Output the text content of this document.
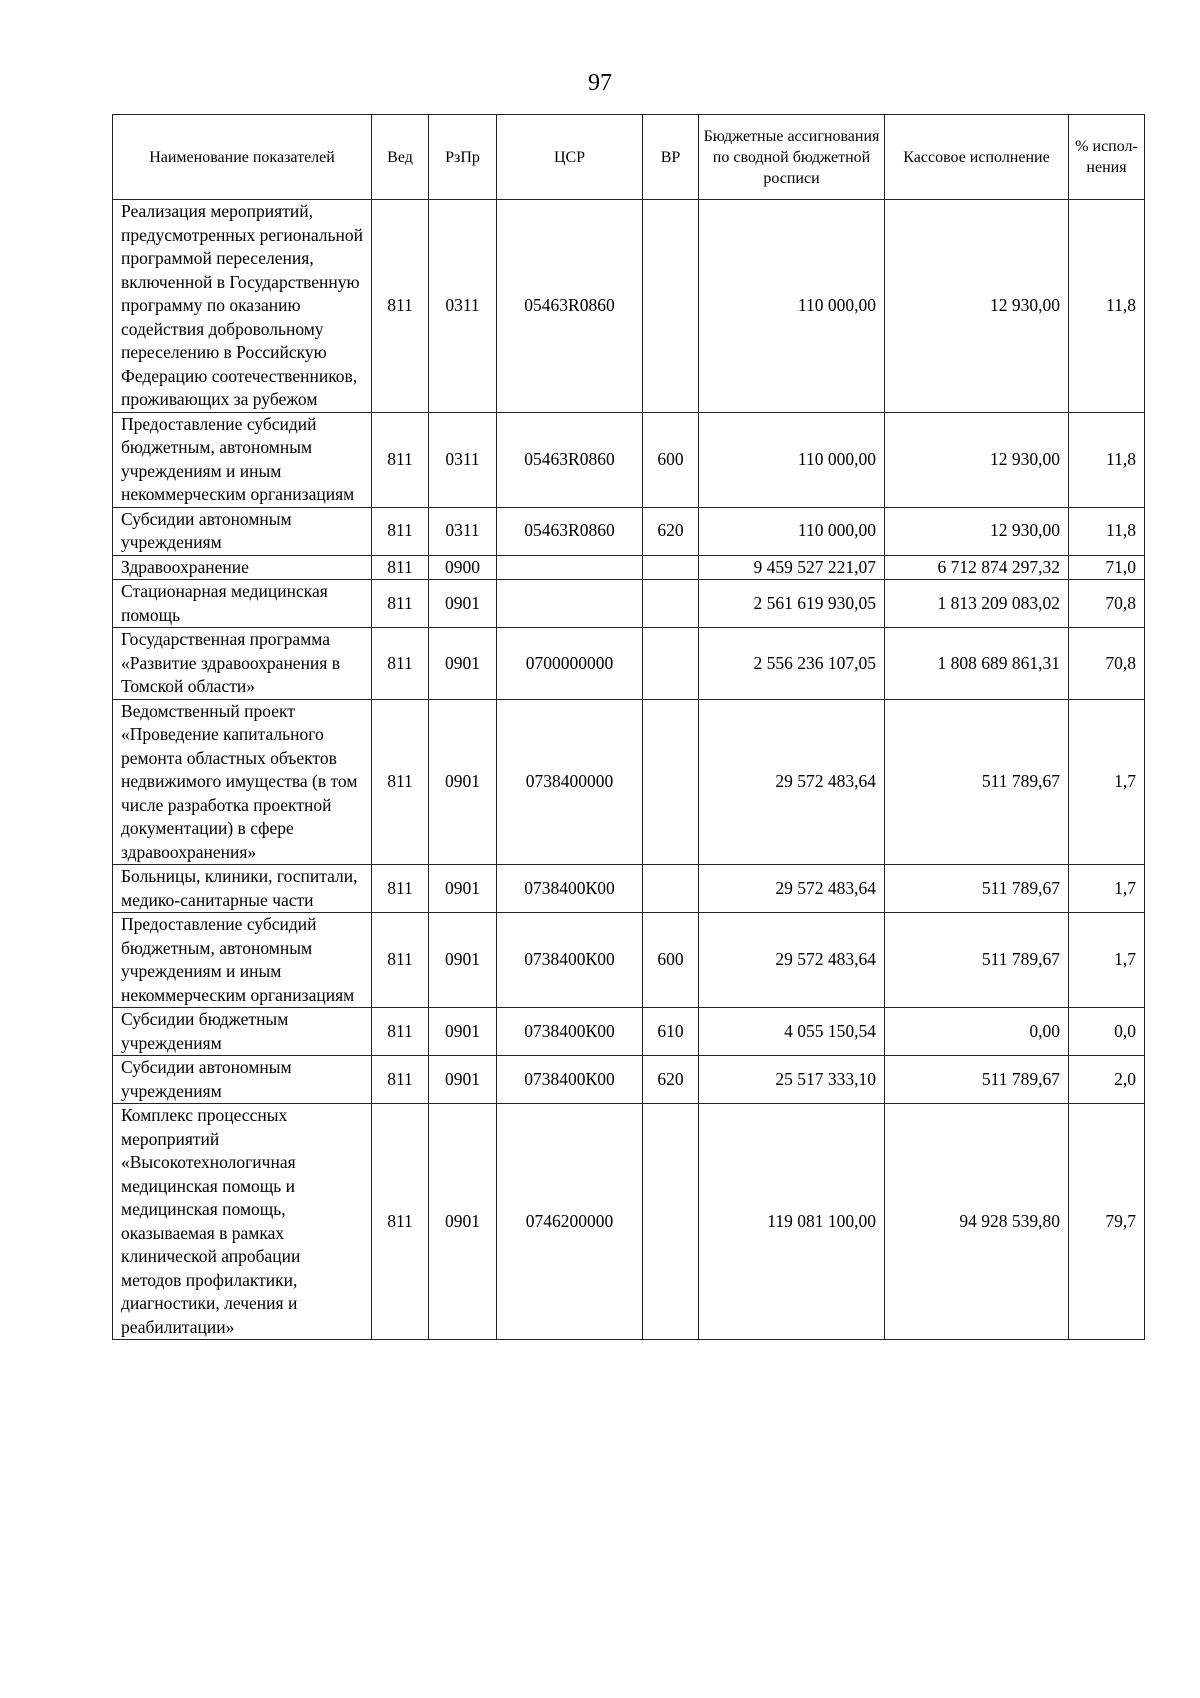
97
Наименование показателей	Вед	РзПр	ЦСР	ВР	Бюджетные ассигнования по сводной бюджетной росписи	Кассовое исполнение	% испол-нения
Реализация мероприятий, предусмотренных региональной программой переселения, включенной в Государственную программу по оказанию содействия добровольному переселению в Российскую Федерацию соотечественников, проживающих за рубежом	811	0311	05463R0860		110 000,00	12 930,00	11,8
Предоставление субсидий бюджетным, автономным учреждениям и иным некоммерческим организациям	811	0311	05463R0860	600	110 000,00	12 930,00	11,8
Субсидии автономным учреждениям	811	0311	05463R0860	620	110 000,00	12 930,00	11,8
Здравоохранение	811	0900			9 459 527 221,07	6 712 874 297,32	71,0
Стационарная медицинская помощь	811	0901			2 561 619 930,05	1 813 209 083,02	70,8
Государственная программа «Развитие здравоохранения в Томской области»	811	0901	0700000000		2 556 236 107,05	1 808 689 861,31	70,8
Ведомственный проект «Проведение капитального ремонта областных объектов недвижимого имущества (в том числе разработка проектной документации) в сфере здравоохранения»	811	0901	0738400000		29 572 483,64	511 789,67	1,7
Больницы, клиники, госпитали, медико-санитарные части	811	0901	0738400К00		29 572 483,64	511 789,67	1,7
Предоставление субсидий бюджетным, автономным учреждениям и иным некоммерческим организациям	811	0901	0738400К00	600	29 572 483,64	511 789,67	1,7
Субсидии бюджетным учреждениям	811	0901	0738400К00	610	4 055 150,54	0,00	0,0
Субсидии автономным учреждениям	811	0901	0738400К00	620	25 517 333,10	511 789,67	2,0
Комплекс процессных мероприятий «Высокотехнологичная медицинская помощь и медицинская помощь, оказываемая в рамках клинической апробации методов профилактики, диагностики, лечения и реабилитации»	811	0901	0746200000		119 081 100,00	94 928 539,80	79,7
